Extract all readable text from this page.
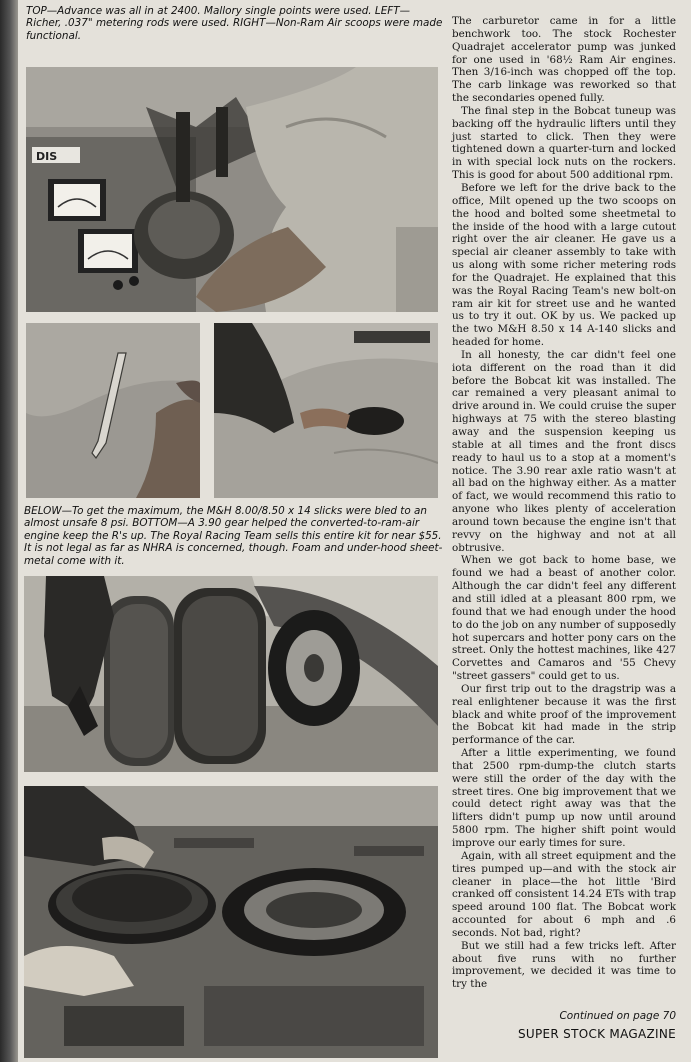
TOP—Advance was all in at 2400. Mallory single points were used. LEFT—Richer, .037" metering rods were used. RIGHT—Non-Ram Air scoops were made functional.

DIS

BELOW—To get the maximum, the M&H 8.00/8.50 x 14 slicks were bled to an almost unsafe 8 psi. BOTTOM—A 3.90 gear helped the converted-to-ram-air engine keep the R's up. The Royal Racing Team sells this entire kit for near $55. It is not legal as far as NHRA is concerned, though. Foam and under-hood sheet-metal come with it.

The carburetor came in for a little benchwork too. The stock Rochester Quadrajet accelerator pump was junked for one used in '68½ Ram Air engines. Then 3/16-inch was chopped off the top. The carb linkage was reworked so that the secondaries opened fully.

The final step in the Bobcat tuneup was backing off the hydraulic lifters until they just started to click. Then they were tightened down a quarter-turn and locked in with special lock nuts on the rockers. This is good for about 500 additional rpm.

Before we left for the drive back to the office, Milt opened up the two scoops on the hood and bolted some sheetmetal to the inside of the hood with a large cutout right over the air cleaner. He gave us a special air cleaner assembly to take with us along with some richer metering rods for the Quadrajet. He explained that this was the Royal Racing Team's new bolt-on ram air kit for street use and he wanted us to try it out. OK by us. We packed up the two M&H 8.50 x 14 A-140 slicks and headed for home.

In all honesty, the car didn't feel one iota different on the road than it did before the Bobcat kit was installed. The car remained a very pleasant animal to drive around in. We could cruise the super highways at 75 with the stereo blasting away and the suspension keeping us stable at all times and the front discs ready to haul us to a stop at a moment's notice. The 3.90 rear axle ratio wasn't at all bad on the highway either. As a matter of fact, we would recommend this ratio to anyone who likes plenty of acceleration around town because the engine isn't that revvy on the highway and not at all obtrusive.

When we got back to home base, we found we had a beast of another color. Although the car didn't feel any different and still idled at a pleasant 800 rpm, we found that we had enough under the hood to do the job on any number of supposedly hot supercars and hotter pony cars on the street. Only the hottest machines, like 427 Corvettes and Camaros and '55 Chevy "street gassers" could get to us.

Our first trip out to the dragstrip was a real enlightener because it was the first black and white proof of the improvement the Bobcat kit had made in the strip performance of the car.

After a little experimenting, we found that 2500 rpm-dump-the clutch starts were still the order of the day with the street tires. One big improvement that we could detect right away was that the lifters didn't pump up now until around 5800 rpm. The higher shift point would improve our early times for sure.

Again, with all street equipment and the tires pumped up—and with the stock air cleaner in place—the hot little 'Bird cranked off consistent 14.24 ETs with trap speed around 100 flat. The Bobcat work accounted for about 6 mph and .6 seconds. Not bad, right?

But we still had a few tricks left. After about five runs with no further improvement, we decided it was time to try the

Continued on page 70
SUPER STOCK MAGAZINE
